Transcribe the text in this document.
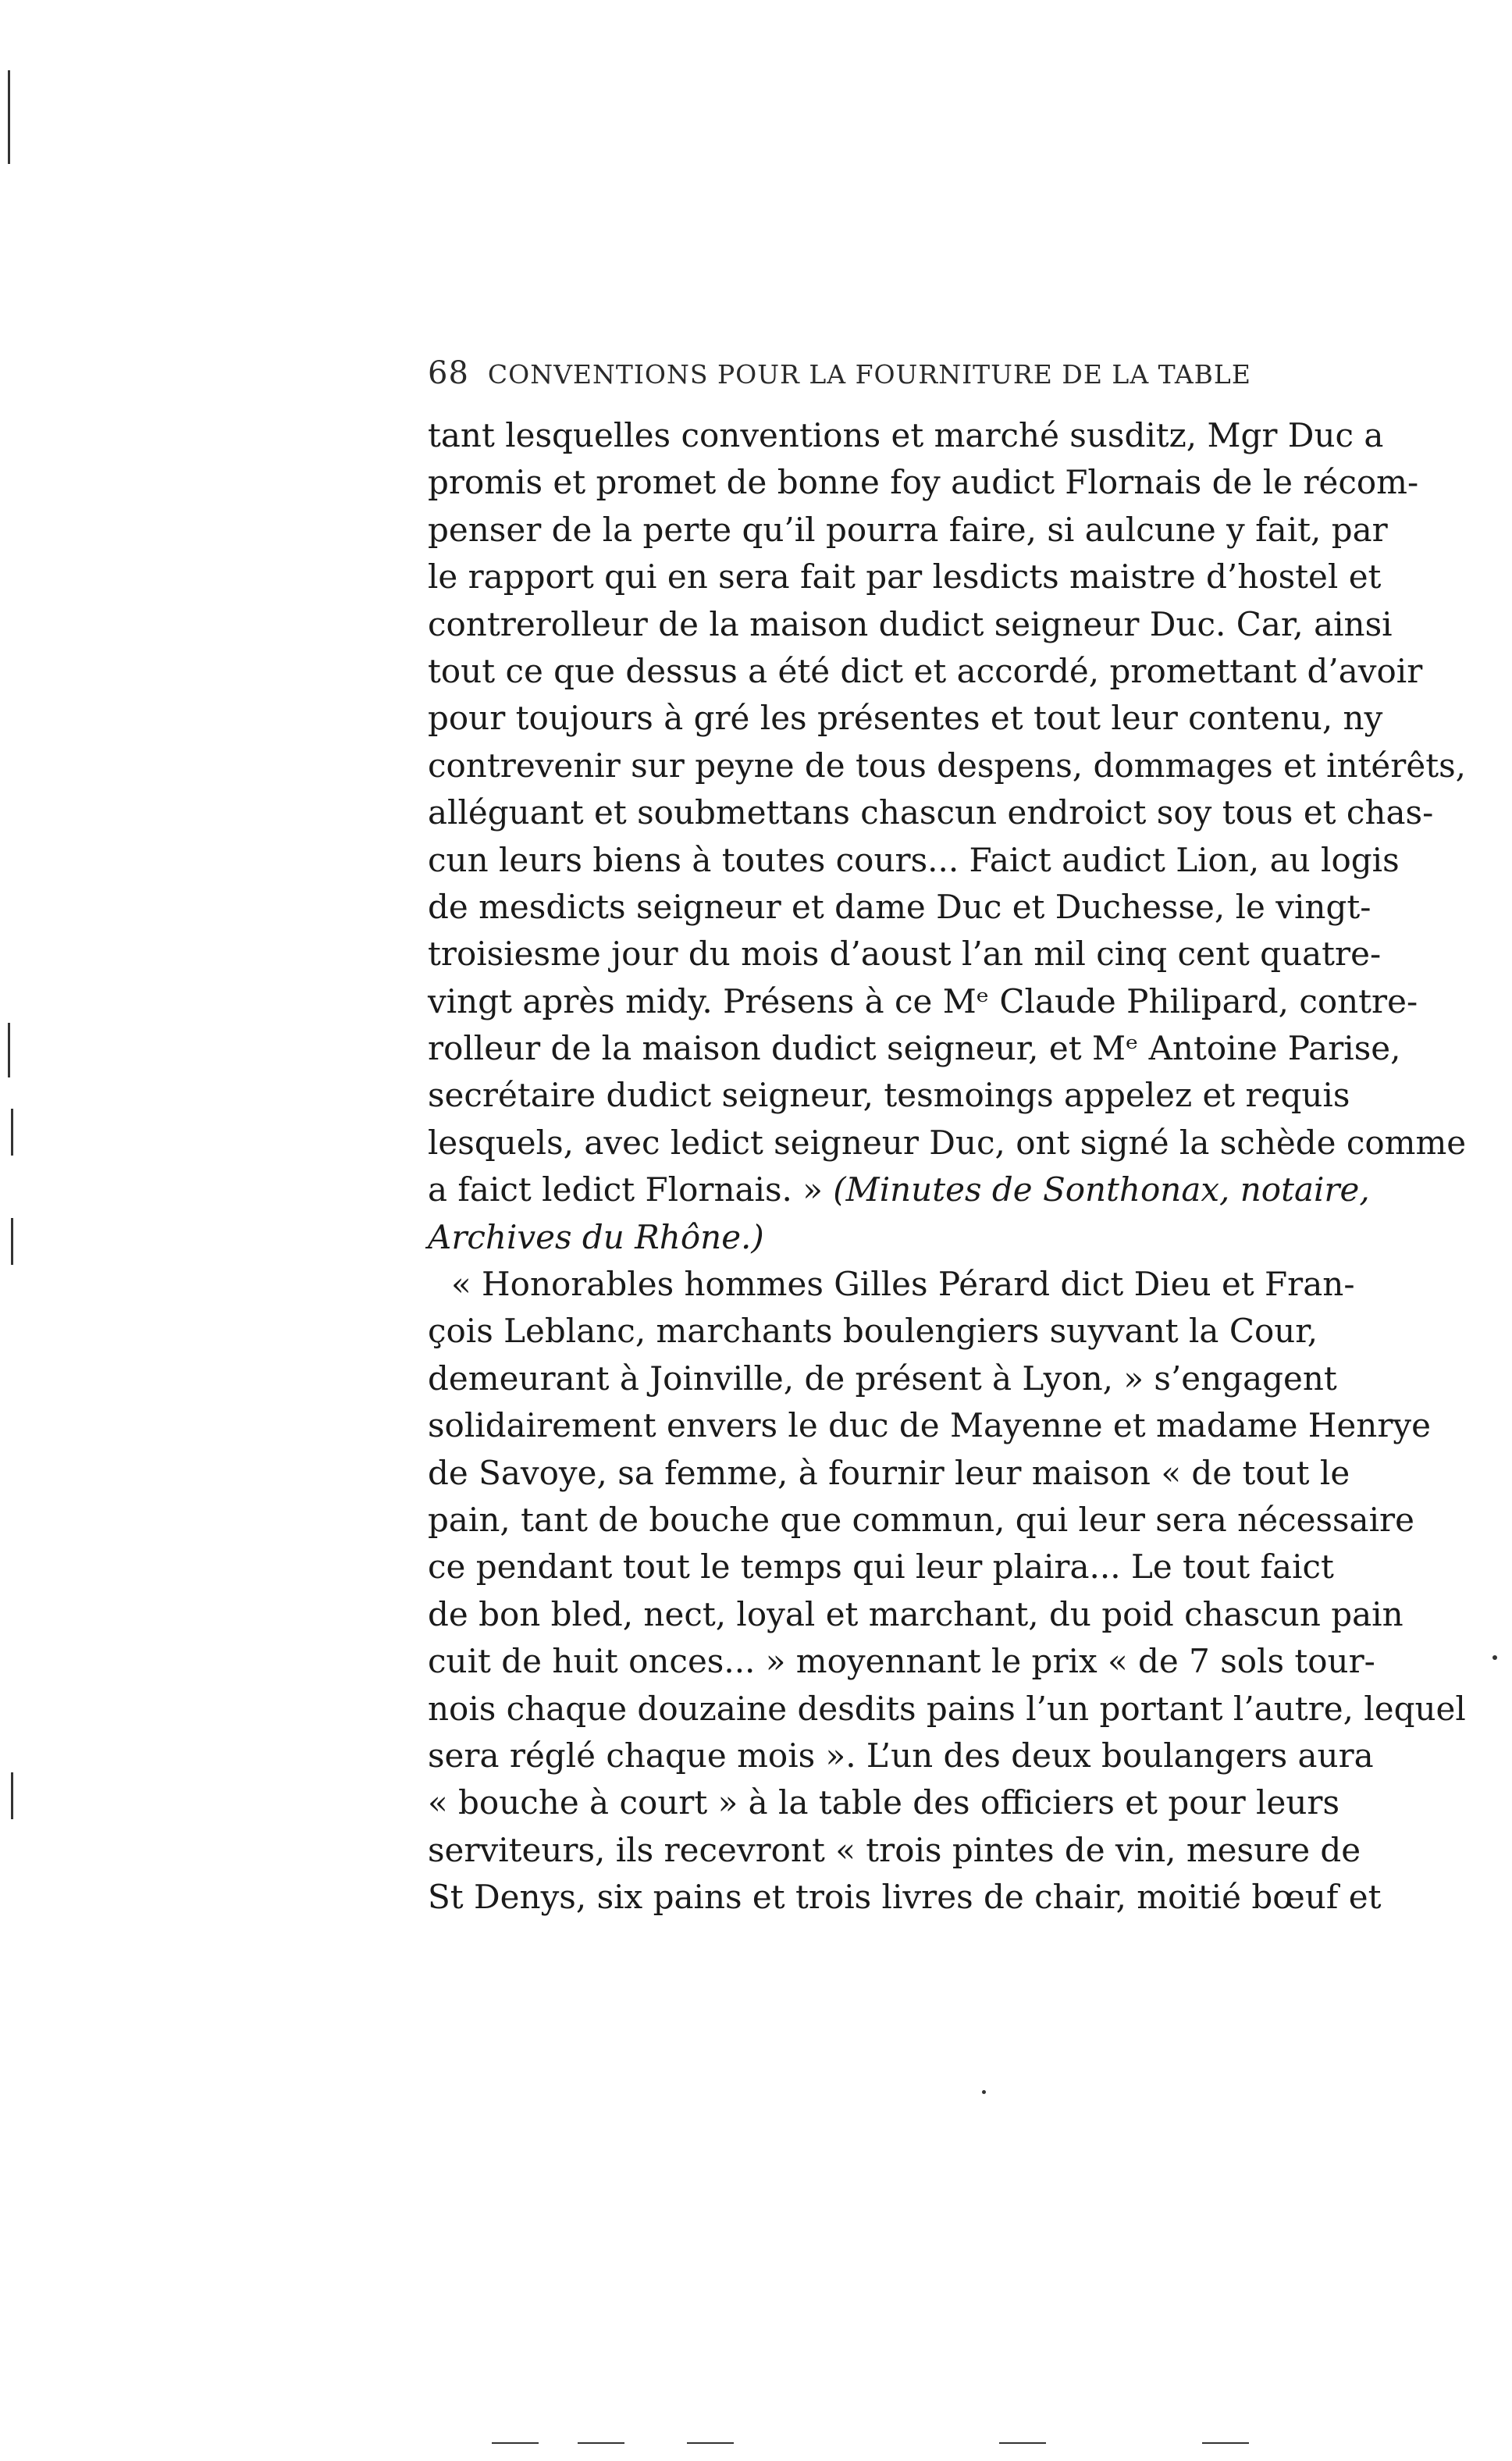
68 CONVENTIONS POUR LA FOURNITURE DE LA TABLE
tant lesquelles conventions et marché susditz, Mgr Duc a
promis et promet de bonne foy audict Flornais de le récom-
penser de la perte qu’il pourra faire, si aulcune y fait, par
le rapport qui en sera fait par lesdicts maistre d’hostel et
contrerolleur de la maison dudict seigneur Duc. Car, ainsi
tout ce que dessus a été dict et accordé, promettant d’avoir
pour toujours à gré les présentes et tout leur contenu, ny
contrevenir sur peyne de tous despens, dommages et intérêts,
alléguant et soubmettans chascun endroict soy tous et chas-
cun leurs biens à toutes cours... Faict audict Lion, au logis
de mesdicts seigneur et dame Duc et Duchesse, le vingt-
troisiesme jour du mois d’aoust l’an mil cinq cent quatre-
vingt après midy. Présens à ce Mᵉ Claude Philipard, contre-
rolleur de la maison dudict seigneur, et Mᵉ Antoine Parise,
secrétaire dudict seigneur, tesmoings appelez et requis
lesquels, avec ledict seigneur Duc, ont signé la schède comme
a faict ledict Flornais. » (Minutes de Sonthonax, notaire,
Archives du Rhône.)
« Honorables hommes Gilles Pérard dict Dieu et Fran-
çois Leblanc, marchants boulengiers suyvant la Cour,
demeurant à Joinville, de présent à Lyon, » s’engagent
solidairement envers le duc de Mayenne et madame Henrye
de Savoye, sa femme, à fournir leur maison « de tout le
pain, tant de bouche que commun, qui leur sera nécessaire
ce pendant tout le temps qui leur plaira... Le tout faict
de bon bled, nect, loyal et marchant, du poid chascun pain
cuit de huit onces... » moyennant le prix « de 7 sols tour-
nois chaque douzaine desdits pains l’un portant l’autre, lequel
sera réglé chaque mois ». L’un des deux boulangers aura
« bouche à court » à la table des officiers et pour leurs
serviteurs, ils recevront « trois pintes de vin, mesure de
St Denys, six pains et trois livres de chair, moitié bœuf et
